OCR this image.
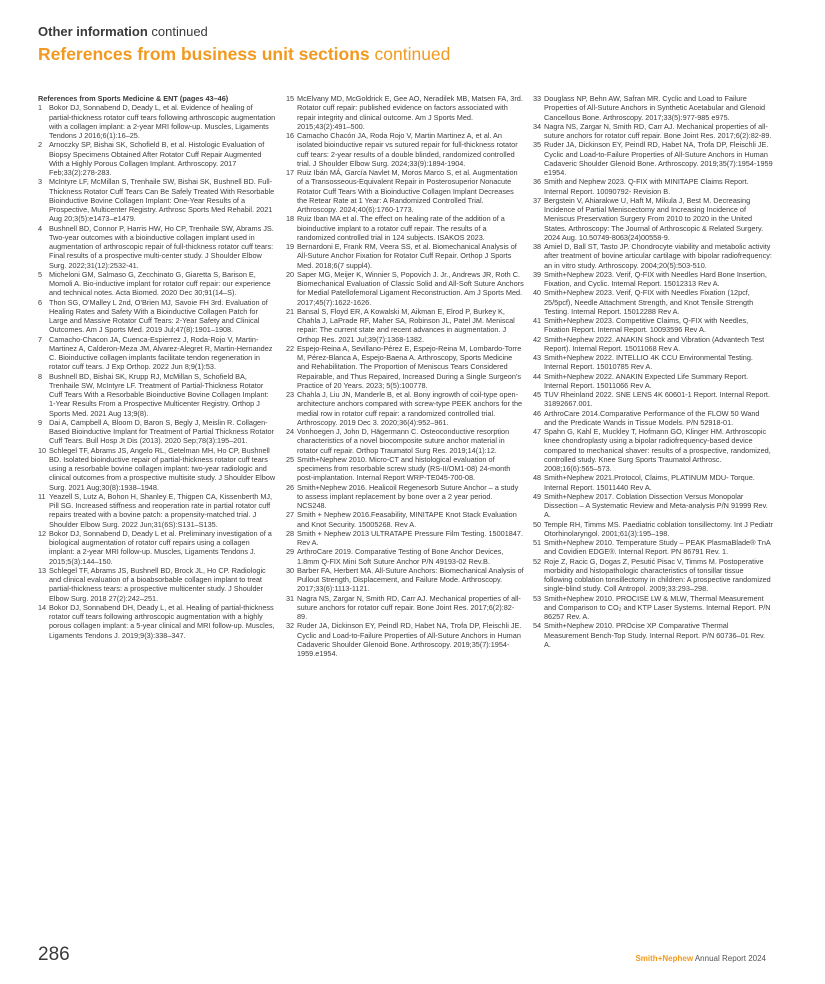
Other information continued
References from business unit sections continued
References from Sports Medicine & ENT (pages 43–46)
1 Bokor DJ, Sonnabend D, Deady L, et al. Evidence of healing of partial-thickness rotator cuff tears following arthroscopic augmentation with a collagen implant: a 2-year MRI follow-up. Muscles, Ligaments Tendons J 2016;6(1):16–25.
2 Arnoczky SP, Bishai SK, Schofield B, et al. Histologic Evaluation of Biopsy Specimens Obtained After Rotator Cuff Repair Augmented With a Highly Porous Collagen Implant. Arthroscopy. 2017 Feb;33(2):278-283.
3 McIntyre LF, McMillan S, Trenhaile SW, Bishai SK, Bushnell BD. Full-Thickness Rotator Cuff Tears Can Be Safely Treated With Resorbable Bioinductive Bovine Collagen Implant: One-Year Results of a Prospective, Multicenter Registry. Arthrosc Sports Med Rehabil. 2021 Aug 20;3(5):e1473–e1479.
4 Bushnell BD, Connor P, Harris HW, Ho CP, Trenhaile SW, Abrams JS. Two-year outcomes with a bioinductive collagen implant used in augmentation of arthroscopic repair of full-thickness rotator cuff tears: Final results of a prospective multi-center study. J Shoulder Elbow Surg. 2022;31(12):2532-41.
5 Micheloni GM, Salmaso G, Zecchinato G, Giaretta S, Barison E, Momoli A. Bio-inductive implant for rotator cuff repair: our experience and technical notes. Acta Biomed. 2020 Dec 30;91(14–S).
6 Thon SG, O’Malley L 2nd, O’Brien MJ, Savoie FH 3rd. Evaluation of Healing Rates and Safety With a Bioinductive Collagen Patch for Large and Massive Rotator Cuff Tears: 2-Year Safety and Clinical Outcomes. Am J Sports Med. 2019 Jul;47(8):1901–1908.
7 Camacho-Chacon JA, Cuenca-Espierrez J, Roda-Rojo V, Martin-Martinez A, Calderon-Meza JM, Alvarez-Alegret R, Martin-Hernandez C. Bioinductive collagen implants facilitate tendon regeneration in rotator cuff tears. J Exp Orthop. 2022 Jun 8;9(1):53.
8 Bushnell BD, Bishai SK, Krupp RJ, McMillan S, Schofield BA, Trenhaile SW, McIntyre LF. Treatment of Partial-Thickness Rotator Cuff Tears With a Resorbable Bioinductive Bovine Collagen Implant: 1-Year Results From a Prospective Multicenter Registry. Orthop J Sports Med. 2021 Aug 13;9(8).
9 Dai A, Campbell A, Bloom D, Baron S, Begly J, Meislin R. Collagen-Based Bioinductive Implant for Treatment of Partial Thickness Rotator Cuff Tears. Bull Hosp Jt Dis (2013). 2020 Sep;78(3):195–201.
10 Schlegel TF, Abrams JS, Angelo RL, Getelman MH, Ho CP, Bushnell BD. Isolated bioinductive repair of partial-thickness rotator cuff tears using a resorbable bovine collagen implant: two-year radiologic and clinical outcomes from a prospective multisite study. J Shoulder Elbow Surg. 2021 Aug;30(8):1938–1948.
11 Yeazell S, Lutz A, Bohon H, Shanley E, Thigpen CA, Kissenberth MJ, Pill SG. Increased stiffness and reoperation rate in partial rotator cuff repairs treated with a bovine patch: a propensity-matched trial. J Shoulder Elbow Surg. 2022 Jun;31(6S):S131–S135.
12 Bokor DJ, Sonnabend D, Deady L et al. Preliminary investigation of a biological augmentation of rotator cuff repairs using a collagen implant: a 2-year MRI follow-up. Muscles, Ligaments Tendons J. 2015;5(3):144–150.
13 Schlegel TF, Abrams JS, Bushnell BD, Brock JL, Ho CP. Radiologic and clinical evaluation of a bioabsorbable collagen implant to treat partial-thickness tears: a prospective multicenter study. J Shoulder Elbow Surg. 2018 27(2):242–251.
14 Bokor DJ, Sonnabend DH, Deady L, et al. Healing of partial-thickness rotator cuff tears following arthroscopic augmentation with a highly porous collagen implant: a 5-year clinical and MRI follow-up. Muscles, Ligaments Tendons J. 2019;9(3):338–347.
15 McElvany MD, McGoldrick E, Gee AO, Neradilek MB, Matsen FA, 3rd. Rotator cuff repair: published evidence on factors associated with repair integrity and clinical outcome. Am J Sports Med. 2015;43(2):491–500.
16 Camacho Chacón JA, Roda Rojo V, Martin Martinez A, et al. An isolated bioinductive repair vs sutured repair for full-thickness rotator cuff tears: 2-year results of a double blinded, randomized controlled trial. J Shoulder Elbow Surg. 2024;33(9):1894-1904.
17 Ruiz Ibán MÁ, García Navlet M, Moros Marco S, et al. Augmentation of a Transosseous-Equivalent Repair in Posterosuperior Nonacute Rotator Cuff Tears With a Bioinductive Collagen Implant Decreases the Retear Rate at 1 Year: A Randomized Controlled Trial. Arthroscopy. 2024;40(6):1760-1773.
18 Ruiz Iban MA et al. The effect on healing rate of the addition of a bioinductive implant to a rotator cuff repair. The results of a randomized controlled trial in 124 subjects. ISAKOS 2023.
19 Bernardoni E, Frank RM, Veera SS, et al. Biomechanical Analysis of All-Suture Anchor Fixation for Rotator Cuff Repair. Orthop J Sports Med. 2018;6(7 suppl4).
20 Saper MG, Meijer K, Winnier S, Popovich J. Jr., Andrews JR, Roth C. Biomechanical Evaluation of Classic Solid and All-Soft Suture Anchors for Medial Patellofemoral Ligament Reconstruction. Am J Sports Med. 2017;45(7):1622-1626.
21 Bansal S, Floyd ER, A Kowalski M, Aikman E, Elrod P, Burkey K, Chahla J, LaPrade RF, Maher SA, Robinson JL, Patel JM. Meniscal repair: The current state and recent advances in augmentation. J Orthop Res. 2021 Jul;39(7):1368-1382.
22 Espejo-Reina A, Sevillano-Pérez E, Espejo-Reina M, Lombardo-Torre M, Pérez-Blanca A, Espejo-Baena A. Arthroscopy, Sports Medicine and Rehabilitation. The Proportion of Meniscus Tears Considered Repairable, and Thus Repaired, Increased During a Single Surgeon’s Practice of 20 Years. 2023; 5(5):100778.
23 Chahla J, Liu JN, Manderle B, et al. Bony ingrowth of coil-type open-architecture anchors compared with screw-type PEEK anchors for the medial row in rotator cuff repair: a randomized controlled trial. Arthroscopy. 2019 Dec 3. 2020;36(4):952–961.
24 Vonhoegen J, John D, Hägermann C. Osteoconductive resorption characteristics of a novel biocomposite suture anchor material in rotator cuff repair. Orthop Traumatol Surg Res. 2019;14(1):12.
25 Smith+Nephew 2010. Micro-CT and histological evaluation of specimens from resorbable screw study (RS-II/OM1-08) 24-month post-implantation. Internal Report WRP-TE045-700-08.
26 Smith+Nephew 2016. Healicoil Regenesorb Suture Anchor – a study to assess implant replacement by bone over a 2 year period. NCS248.
27 Smith + Nephew 2016.Feasability, MINITAPE Knot Stack Evaluation and Knot Security. 15005268. Rev A.
28 Smith + Nephew 2013 ULTRATAPE Pressure Film Testing. 15001847. Rev A.
29 ArthroCare 2019. Comparative Testing of Bone Anchor Devices, 1.8mm Q-FIX Mini Soft Suture Anchor P/N 49193-02 Rev.B.
30 Barber FA, Herbert MA. All-Suture Anchors: Biomechanical Analysis of Pullout Strength, Displacement, and Failure Mode. Arthroscopy. 2017;33(6):1113-1121.
31 Nagra NS, Zargar N, Smith RD, Carr AJ. Mechanical properties of all-suture anchors for rotator cuff repair. Bone Joint Res. 2017;6(2):82-89.
32 Ruder JA, Dickinson EY, Peindl RD, Habet NA, Trofa DP, Fleischli JE. Cyclic and Load-to-Failure Properties of All-Suture Anchors in Human Cadaveric Shoulder Glenoid Bone. Arthroscopy. 2019;35(7):1954-1959.e1954.
33 Douglass NP, Behn AW, Safran MR. Cyclic and Load to Failure Properties of All-Suture Anchors in Synthetic Acetabular and Glenoid Cancellous Bone. Arthroscopy. 2017;33(5):977-985 e975.
34 Nagra NS, Zargar N, Smith RD, Carr AJ. Mechanical properties of all-suture anchors for rotator cuff repair. Bone Joint Res. 2017;6(2):82-89.
35 Ruder JA, Dickinson EY, Peindl RD, Habet NA, Trofa DP, Fleischli JE. Cyclic and Load-to-Failure Properties of All-Suture Anchors in Human Cadaveric Shoulder Glenoid Bone. Arthroscopy. 2019;35(7):1954-1959 e1954.
36 Smith and Nephew 2023. Q-FIX with MINITAPE Claims Report. Internal Report. 10090792- Revision B.
37 Bergstein V, Ahiarakwe U, Haft M, Mikula J, Best M. Decreasing Incidence of Partial Meniscectomy and Increasing Incidence of Meniscus Preservation Surgery From 2010 to 2020 in the United States. Arthroscopy: The Journal of Arthroscopic & Related Surgery. 2024 Aug. 10.50749-8063(24)00558-9.
38 Amiel D, Ball ST, Tasto JP. Chondrocyte viability and metabolic activity after treatment of bovine articular cartilage with bipolar radiofrequency: an in vitro study. Arthroscopy. 2004;20(5):503-510.
39 Smith+Nephew 2023. Verif, Q-FIX with Needles Hard Bone Insertion, Fixation, and Cyclic. Internal Report. 15012313 Rev A.
40 Smith+Nephew 2023. Verif, Q-FIX with Needles Fixation (12pcf, 25/5pcf), Needle Attachment Strength, and Knot Tensile Strength Testing. Internal Report. 15012288 Rev A.
41 Smith+Nephew 2023. Competitive Claims, Q-FIX with Needles, Fixation Report. Internal Report. 10093596 Rev A.
42 Smith+Nephew 2022. ANAKIN Shock and Vibration (Advantech Test Report). Internal Report. 15011068 Rev A.
43 Smith+Nephew 2022. INTELLIO 4K CCU Environmental Testing. Internal Report. 15010785 Rev A.
44 Smith+Nephew 2022. ANAKIN Expected Life Summary Report. Internal Report. 15011066 Rev A.
45 TUV Rheinland 2022. SNE LENS 4K 60601-1 Report. Internal Report. 31892667.001.
46 ArthroCare 2014.Comparative Performance of the FLOW 50 Wand and the Predicate Wands in Tissue Models. P/N 52918-01.
47 Spahn G, Kahl E, Muckley T, Hofmann GO, Klinger HM. Arthroscopic knee chondroplasty using a bipolar radiofrequency-based device compared to mechanical shaver: results of a prospective, randomized, controlled study. Knee Surg Sports Traumatol Arthrosc. 2008;16(6):565–573.
48 Smith+Nephew 2021.Protocol, Claims, PLATINUM MDU- Torque. Internal Report. 15011440 Rev A.
49 Smith+Nephew 2017. Coblation Dissection Versus Monopolar Dissection – A Systematic Review and Meta-analysis P/N 91999 Rev. A.
50 Temple RH, Timms MS. Paediatric coblation tonsillectomy. Int J Pediatr Otorhinolaryngol. 2001;61(3):195–198.
51 Smith+Nephew 2010. Temperature Study – PEAK PlasmaBlade® TnA and Covidien EDGE®. Internal Report. PN 86791 Rev. 1.
52 Roje Z, Racic G, Dogas Z, Pesutić Pisac V, Timms M. Postoperative morbidity and histopathologic characteristics of tonsillar tissue following coblation tonsillectomy in children: A prospective randomized single-blind study. Coll Antropol. 2009;33:293–298.
53 Smith+Nephew 2010. PROCISE LW & MLW, Thermal Measurement and Comparison to CO₂ and KTP Laser Systems. Internal Report. P/N 86257 Rev. A.
54 Smith+Nephew 2010. PROcise XP Comparative Thermal Measurement Bench-Top Study. Internal Report. P/N 60736–01 Rev. A.
286	Smith+Nephew Annual Report 2024
